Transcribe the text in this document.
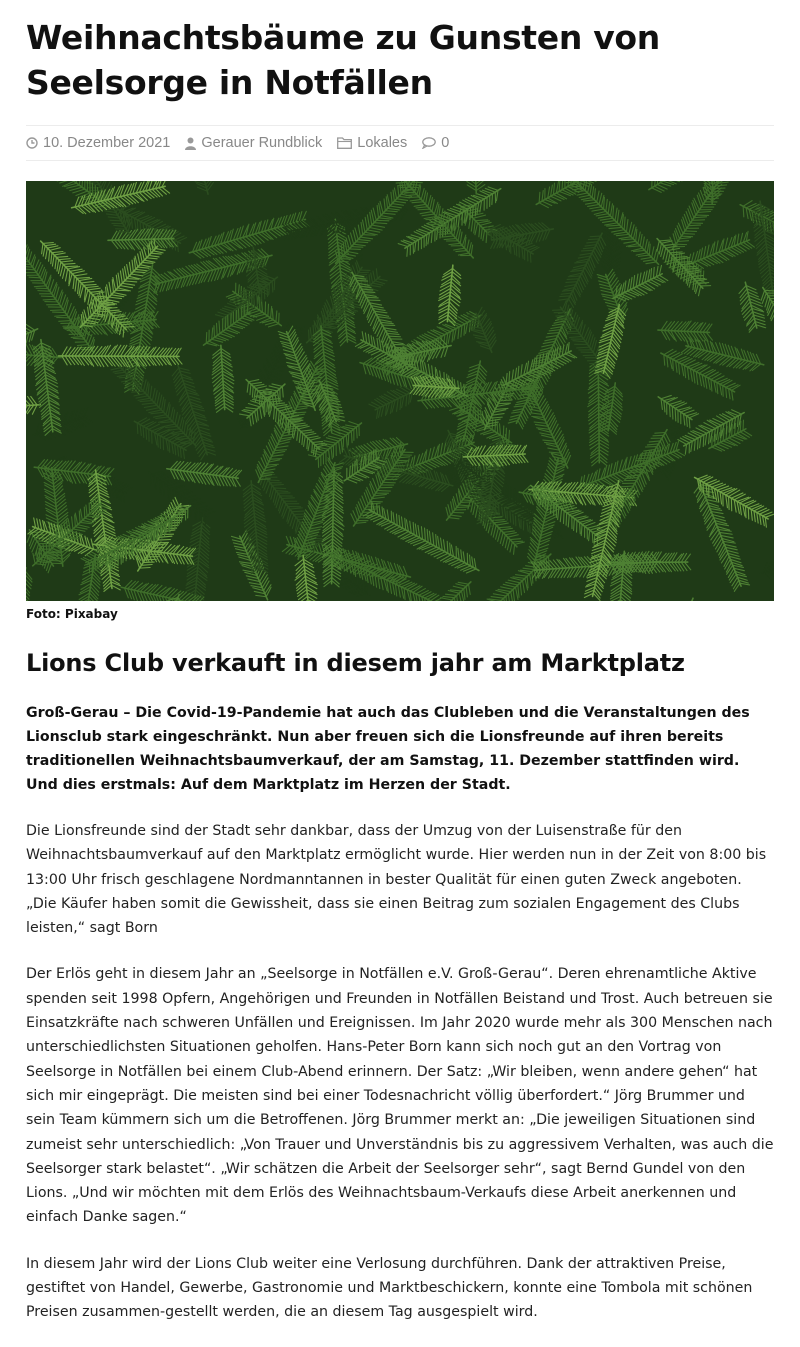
Weihnachtsbäume zu Gunsten von Seelsorge in Notfällen
10. Dezember 2021 Gerauer Rundblick Lokales 0
Foto: Pixabay
Lions Club verkauft in diesem jahr am Marktplatz

Groß-Gerau – Die Covid-19-Pandemie hat auch das Clubleben und die Veranstaltungen des Lionsclub stark eingeschränkt. Nun aber freuen sich die Lionsfreunde auf ihren bereits traditionellen Weihnachtsbaumverkauf, der am Samstag, 11. Dezember stattfinden wird. Und dies erstmals: Auf dem Marktplatz im Herzen der Stadt.

Die Lionsfreunde sind der Stadt sehr dankbar, dass der Umzug von der Luisenstraße für den Weihnachtsbaumverkauf auf den Marktplatz ermöglicht wurde. Hier werden nun in der Zeit von 8:00 bis 13:00 Uhr frisch geschlagene Nordmanntannen in bester Qualität für einen guten Zweck angeboten. „Die Käufer haben somit die Gewissheit, dass sie einen Beitrag zum sozialen Engagement des Clubs leisten,“ sagt Born

Der Erlös geht in diesem Jahr an „Seelsorge in Notfällen e.V. Groß-Gerau“. Deren ehrenamtliche Aktive spenden seit 1998 Opfern, Angehörigen und Freunden in Notfällen Beistand und Trost. Auch betreuen sie Einsatzkräfte nach schweren Unfällen und Ereignissen. Im Jahr 2020 wurde mehr als 300 Menschen nach unterschiedlichsten Situationen geholfen. Hans-Peter Born kann sich noch gut an den Vortrag von Seelsorge in Notfällen bei einem Club-Abend erinnern. Der Satz: „Wir bleiben, wenn andere gehen“ hat sich mir eingeprägt. Die meisten sind bei einer Todesnachricht völlig überfordert.“ Jörg Brummer und sein Team kümmern sich um die Betroffenen. Jörg Brummer merkt an: „Die jeweiligen Situationen sind zumeist sehr unterschiedlich: „Von Trauer und Unverständnis bis zu aggressivem Verhalten, was auch die Seelsorger stark belastet“. „Wir schätzen die Arbeit der Seelsorger sehr“, sagt Bernd Gundel von den Lions. „Und wir möchten mit dem Erlös des Weihnachtsbaum-Verkaufs diese Arbeit anerkennen und einfach Danke sagen.“

In diesem Jahr wird der Lions Club weiter eine Verlosung durchführen. Dank der attraktiven Preise, gestiftet von Handel, Gewerbe, Gastronomie und Marktbeschickern, konnte eine Tombola mit schönen Preisen zusammen-gestellt werden, die an diesem Tag ausgespielt wird.
